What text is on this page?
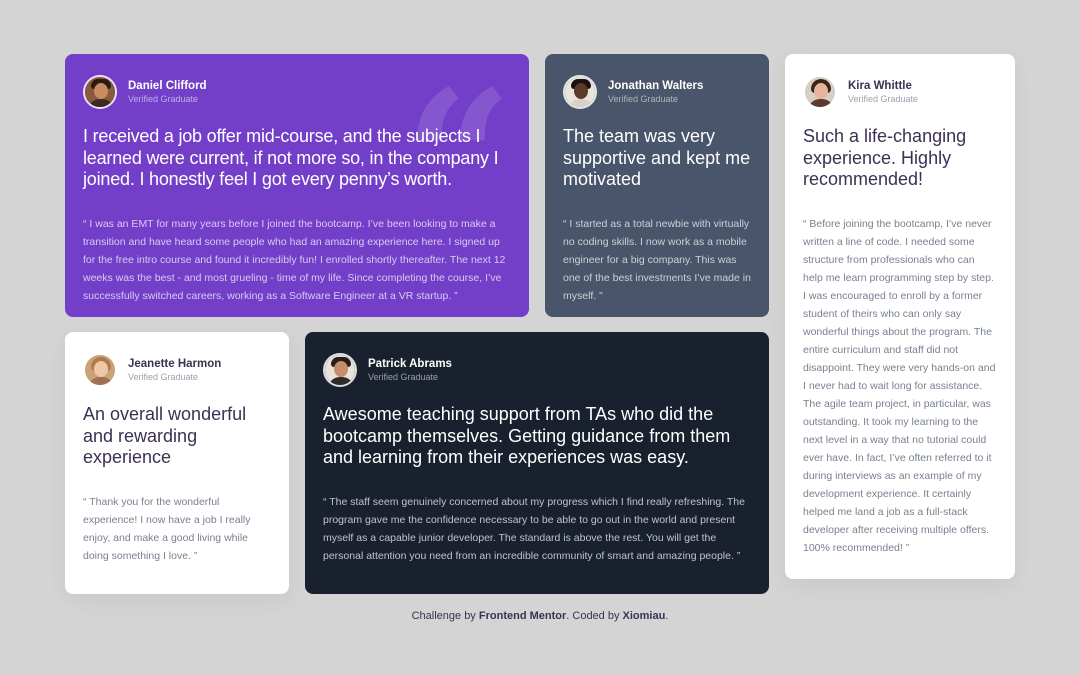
“
Daniel Clifford
Verified Graduate
I received a job offer mid-course, and the subjects I learned were current, if not more so, in the company I joined. I honestly feel I got every penny’s worth.

“ I was an EMT for many years before I joined the bootcamp. I’ve been looking to make a transition and have heard some people who had an amazing experience here. I signed up for the free intro course and found it incredibly fun! I enrolled shortly thereafter. The next 12 weeks was the best - and most grueling - time of my life. Since completing the course, I’ve successfully switched careers, working as a Software Engineer at a VR startup. ”

Jonathan Walters
Verified Graduate
The team was very supportive and kept me motivated

“ I started as a total newbie with virtually no coding skills. I now work as a mobile engineer for a big company. This was one of the best investments I’ve made in myself. ”

Kira Whittle
Verified Graduate
Such a life-changing experience. Highly recommended!

“ Before joining the bootcamp, I’ve never written a line of code. I needed some structure from professionals who can help me learn programming step by step. I was encouraged to enroll by a former student of theirs who can only say wonderful things about the program. The entire curriculum and staff did not disappoint. They were very hands-on and I never had to wait long for assistance. The agile team project, in particular, was outstanding. It took my learning to the next level in a way that no tutorial could ever have. In fact, I’ve often referred to it during interviews as an example of my development experience. It certainly helped me land a job as a full-stack developer after receiving multiple offers. 100% recommended! ”

Jeanette Harmon
Verified Graduate
An overall wonderful and rewarding experience

“ Thank you for the wonderful experience! I now have a job I really enjoy, and make a good living while doing something I love. ”

Patrick Abrams
Verified Graduate
Awesome teaching support from TAs who did the bootcamp themselves. Getting guidance from them and learning from their experiences was easy.

“ The staff seem genuinely concerned about my progress which I find really refreshing. The program gave me the confidence necessary to be able to go out in the world and present myself as a capable junior developer. The standard is above the rest. You will get the personal attention you need from an incredible community of smart and amazing people. ”

Challenge by Frontend Mentor. Coded by Xiomiau.
